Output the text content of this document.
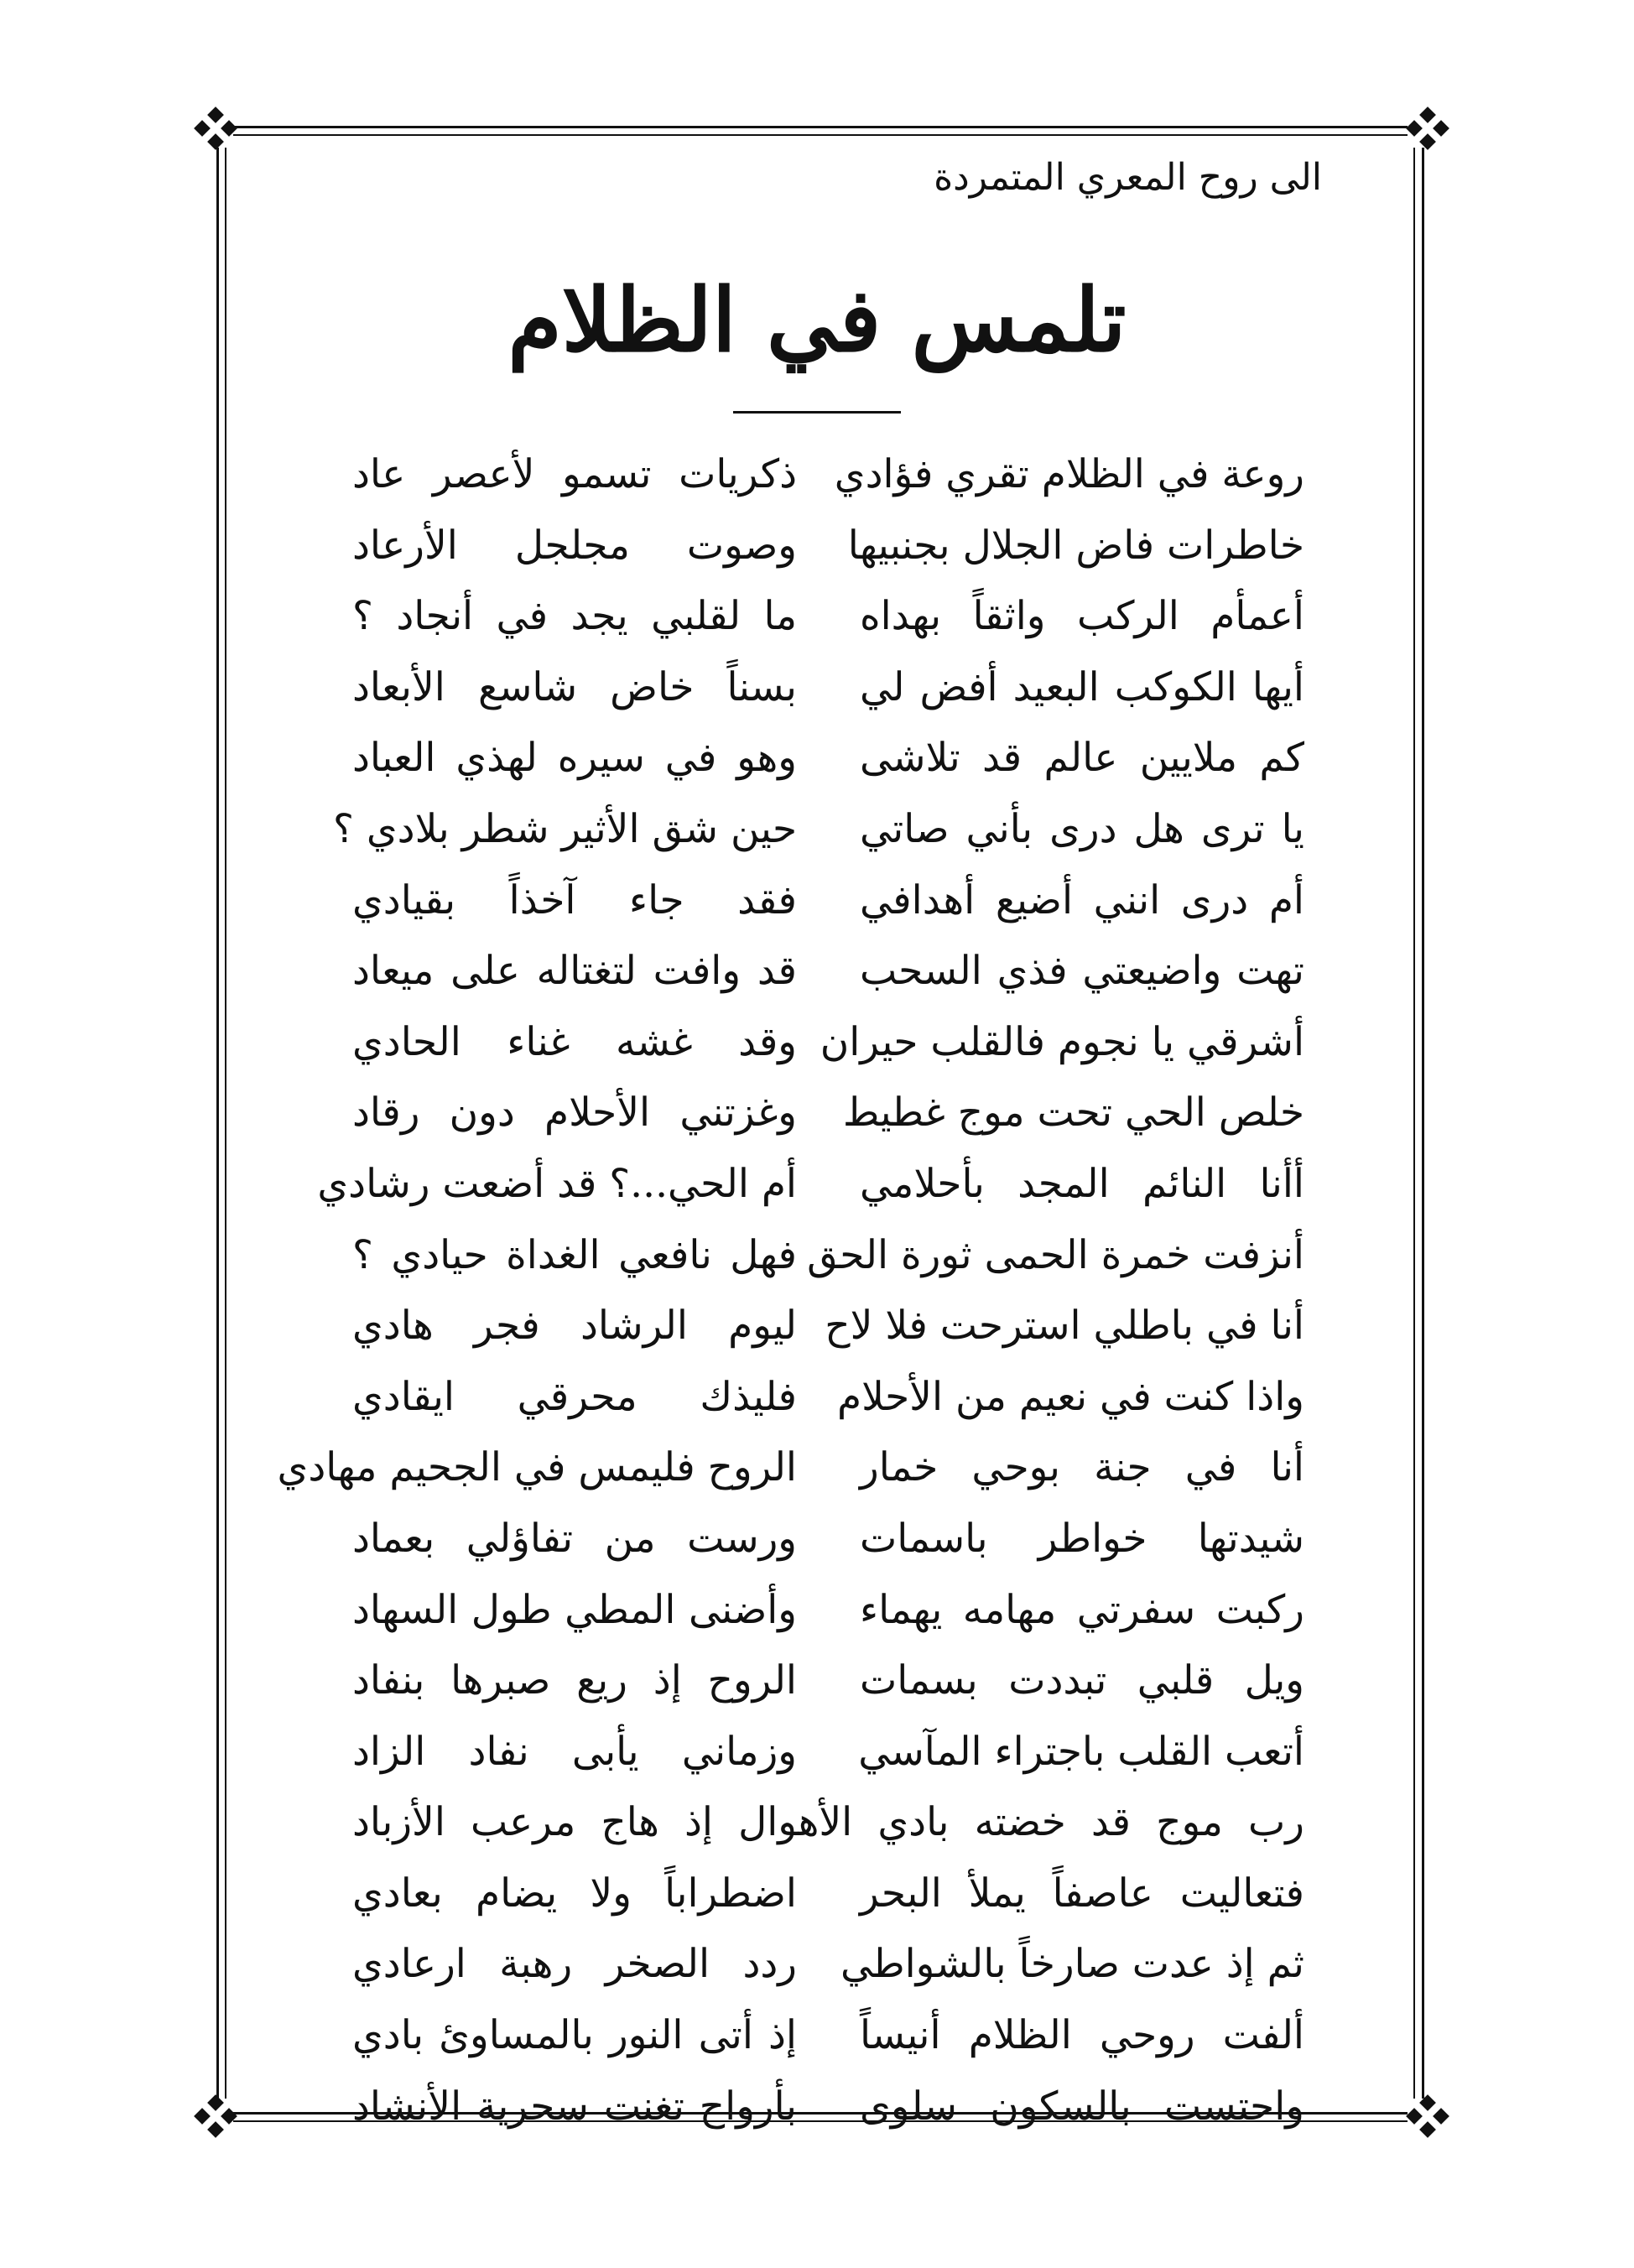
الى روح المعري المتمردة
تلمس في الظلام
روعة في الظلام تقري فؤادي
ذكريات تسمو لأعصر عاد
خاطرات فاض الجلال بجنبيها
وصوت مجلجل الأرعاد
أعمأم الركب واثقاً بهداه
ما لقلبي يجد في أنجاد ؟
أيها الكوكب البعيد أفض لي
بسناً خاض شاسع الأبعاد
كم ملايين عالم قد تلاشى
وهو في سيره لهذي العباد
يا ترى هل درى بأني صاتي
حين شق الأثير شطر بلادي ؟
أم درى انني أضيع أهدافي
فقد جاء آخذاً بقيادي
تهت واضيعتي فذي السحب
قد وافت لتغتاله على ميعاد
أشرقي يا نجوم فالقلب حيران
وقد غشه غناء الحادي
خلص الحي تحت موج غطيط
وغزتني الأحلام دون رقاد
أأنا النائم المجد بأحلامي
أم الحي...؟ قد أضعت رشادي
أنزفت خمرة الحمى ثورة الحق
فهل نافعي الغداة حيادي ؟
أنا في باطلي استرحت فلا لاح
ليوم الرشاد فجر هادي
واذا كنت في نعيم من الأحلام
فليذك محرقي ايقادي
أنا في جنة بوحي خمار
الروح فليمس في الجحيم مهادي
شيدتها خواطر باسمات
ورست من تفاؤلي بعماد
ركبت سفرتي مهامه يهماء
وأضنى المطي طول السهاد
ويل قلبي تبددت بسمات
الروح إذ ريع صبرها بنفاد
أتعب القلب باجتراء المآسي
وزماني يأبى نفاد الزاد
رب موج قد خضته بادي الأهوال إذ هاج مرعب الأزباد
فتعاليت عاصفاً يملأ البحر
اضطراباً ولا يضام بعادي
ثم إذ عدت صارخاً بالشواطي
ردد الصخر رهبة ارعادي
ألفت روحي الظلام أنيساً
إذ أتى النور بالمساوئ بادي
واحتست بالسكون سلوى
بأرواح تغنت سحرية الأنشاد
